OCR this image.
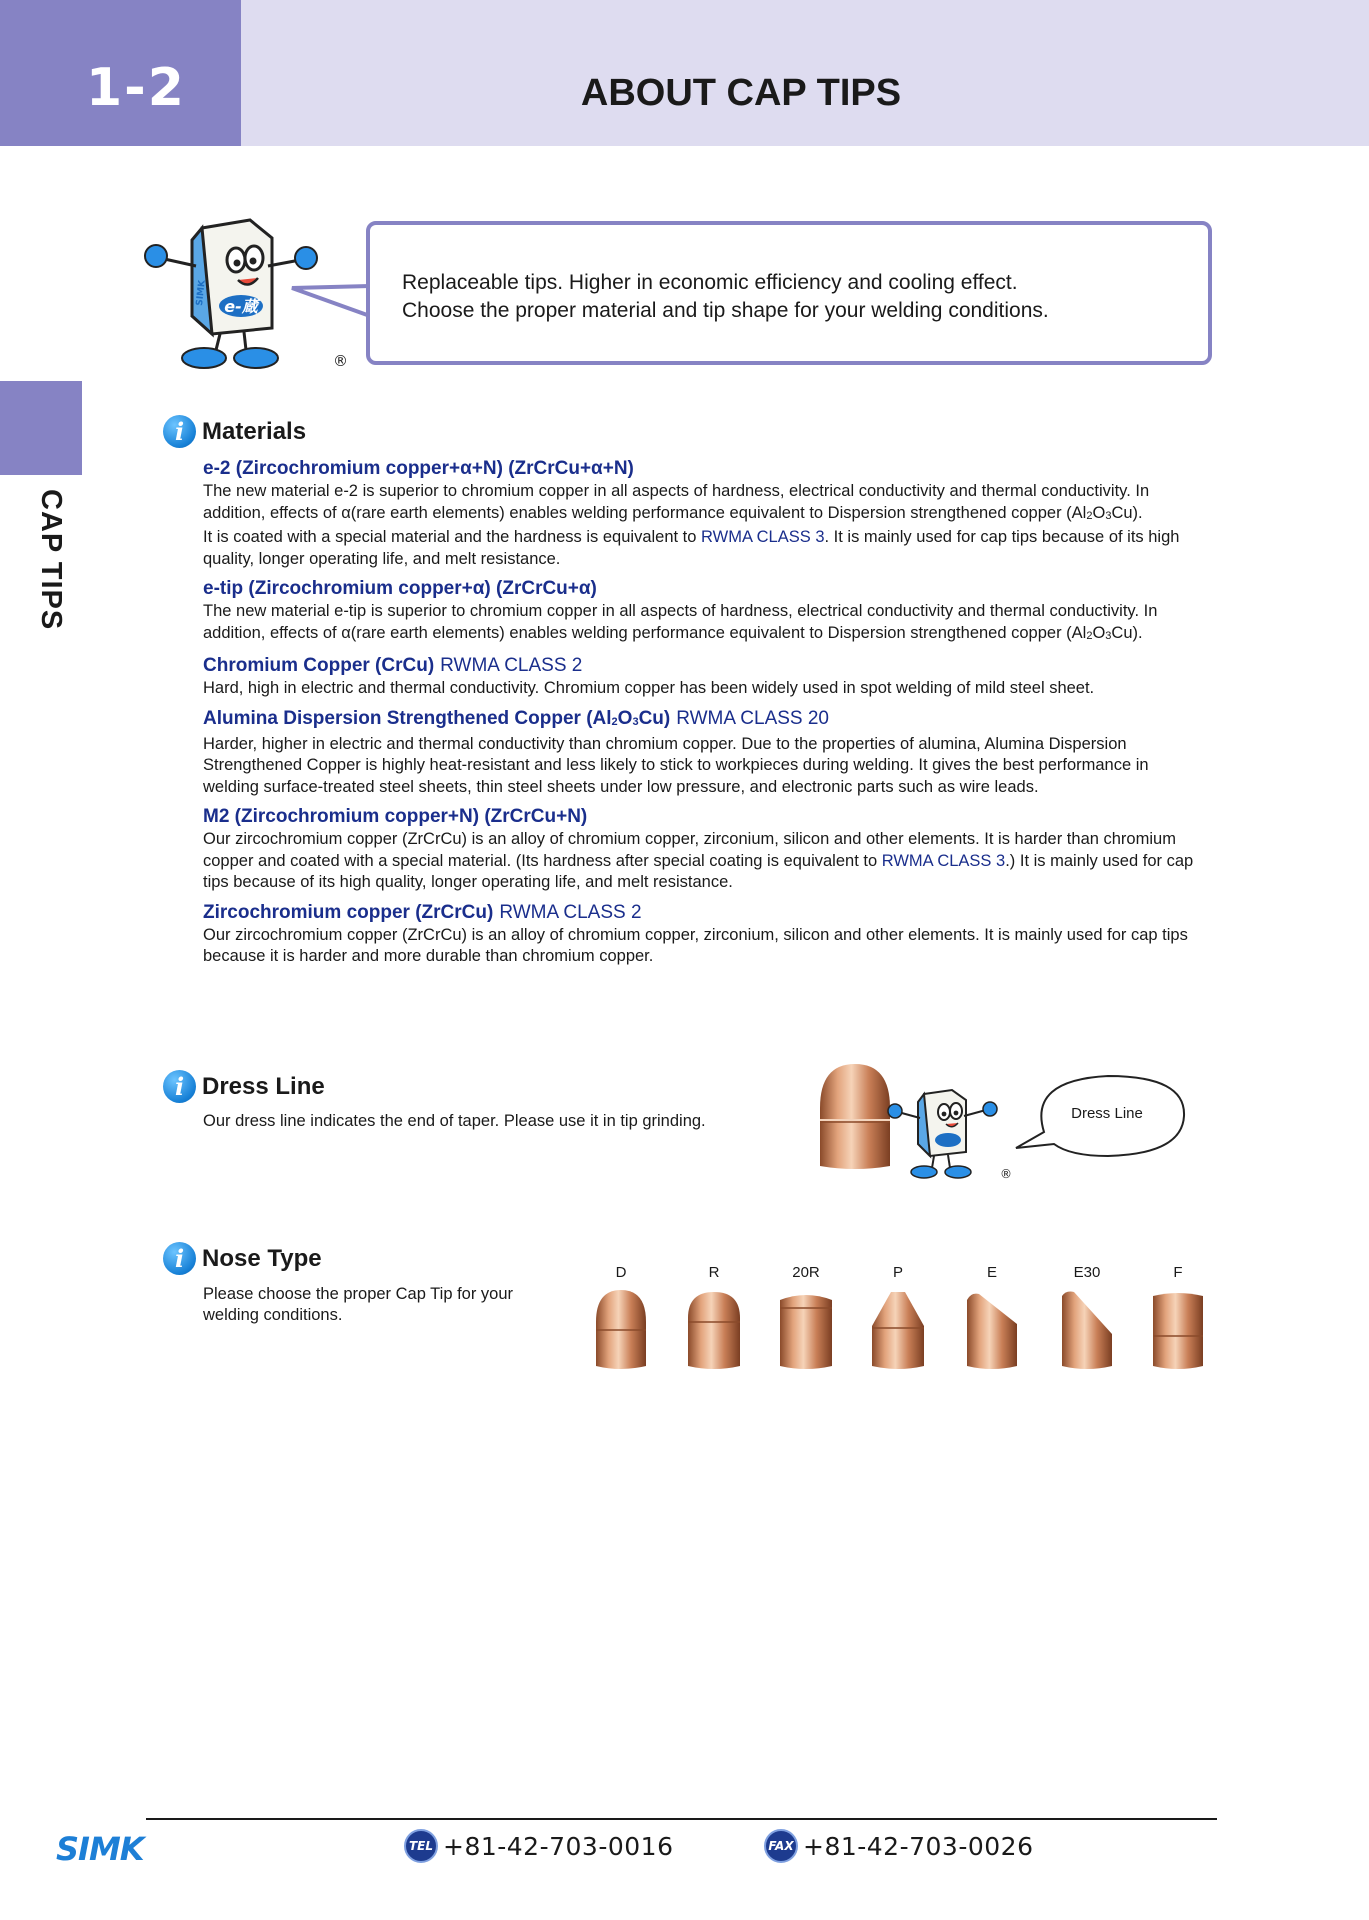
1-2	ABOUT CAP TIPS
CAP TIPS
e-蔵
SIMK
®

Replaceable tips. Higher in economic efficiency and cooling effect.
Choose the proper material and tip shape for your welding conditions.

i Materials
e-2 (Zircochromium copper+α+N) (ZrCrCu+α+N)

The new material e-2 is superior to chromium copper in all aspects of hardness, electrical conductivity and thermal conductivity. In addition, effects of α(rare earth elements) enables welding performance equivalent to Dispersion strengthened copper $(Al_2O_3Cu)$.
It is coated with a special material and the hardness is equivalent to RWMA CLASS 3. It is mainly used for cap tips because of its high quality, longer operating life, and melt resistance.

e-tip (Zircochromium copper+α) (ZrCrCu+α)

The new material e-tip is superior to chromium copper in all aspects of hardness, electrical conductivity and thermal conductivity. In addition, effects of α(rare earth elements) enables welding performance equivalent to Dispersion strengthened copper $(Al_2O_3Cu)$.

Chromium Copper (CrCu) RWMA CLASS 2

Hard, high in electric and thermal conductivity. Chromium copper has been widely used in spot welding of mild steel sheet.

Alumina Dispersion Strengthened Copper $(Al_2O_3Cu)$ RWMA CLASS 20

Harder, higher in electric and thermal conductivity than chromium copper. Due to the properties of alumina, Alumina Dispersion Strengthened Copper is highly heat-resistant and less likely to stick to workpieces during welding. It gives the best performance in welding surface-treated steel sheets, thin steel sheets under low pressure, and electronic parts such as wire leads.

M2 (Zircochromium copper+N) (ZrCrCu+N)

Our zircochromium copper (ZrCrCu) is an alloy of chromium copper, zirconium, silicon and other elements. It is harder than chromium copper and coated with a special material. (Its hardness after special coating is equivalent to RWMA CLASS 3.) It is mainly used for cap tips because of its high quality, longer operating life, and melt resistance.

Zircochromium copper (ZrCrCu) RWMA CLASS 2

Our zircochromium copper (ZrCrCu) is an alloy of chromium copper, zirconium, silicon and other elements. It is mainly used for cap tips because it is harder and more durable than chromium copper.

i Dress Line
Our dress line indicates the end of taper. Please use it in tip grinding.
®
Dress Line
i Nose Type
Please choose the proper Cap Tip for your welding conditions.
D	R	20R	P	E	E30	F
SIMK	TEL +81-42-703-0016	FAX +81-42-703-0026
